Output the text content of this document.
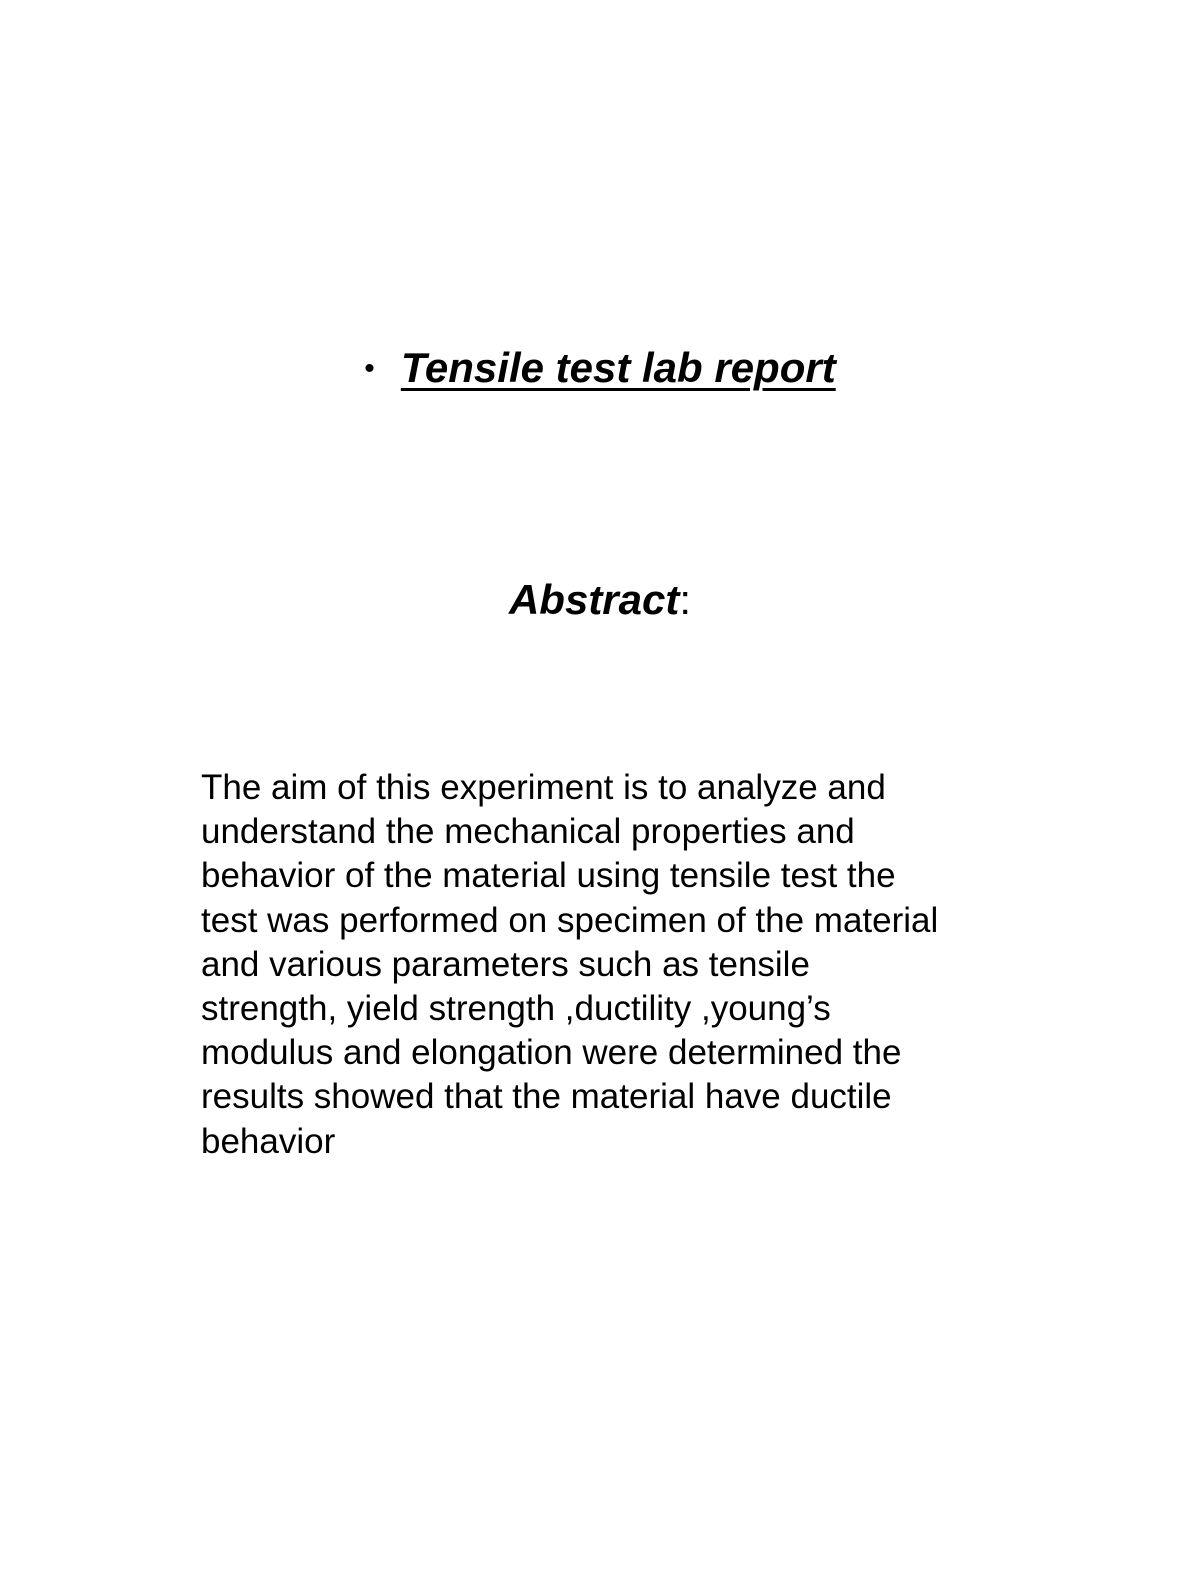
• Tensile test lab report
Abstract:

The aim of this experiment is to analyze and
understand the mechanical properties and
behavior of the material using tensile test the
test was performed on specimen of the material
and various parameters such as tensile
strength, yield strength ,ductility ,young’s
modulus and elongation were determined the
results showed that the material have ductile
behavior
